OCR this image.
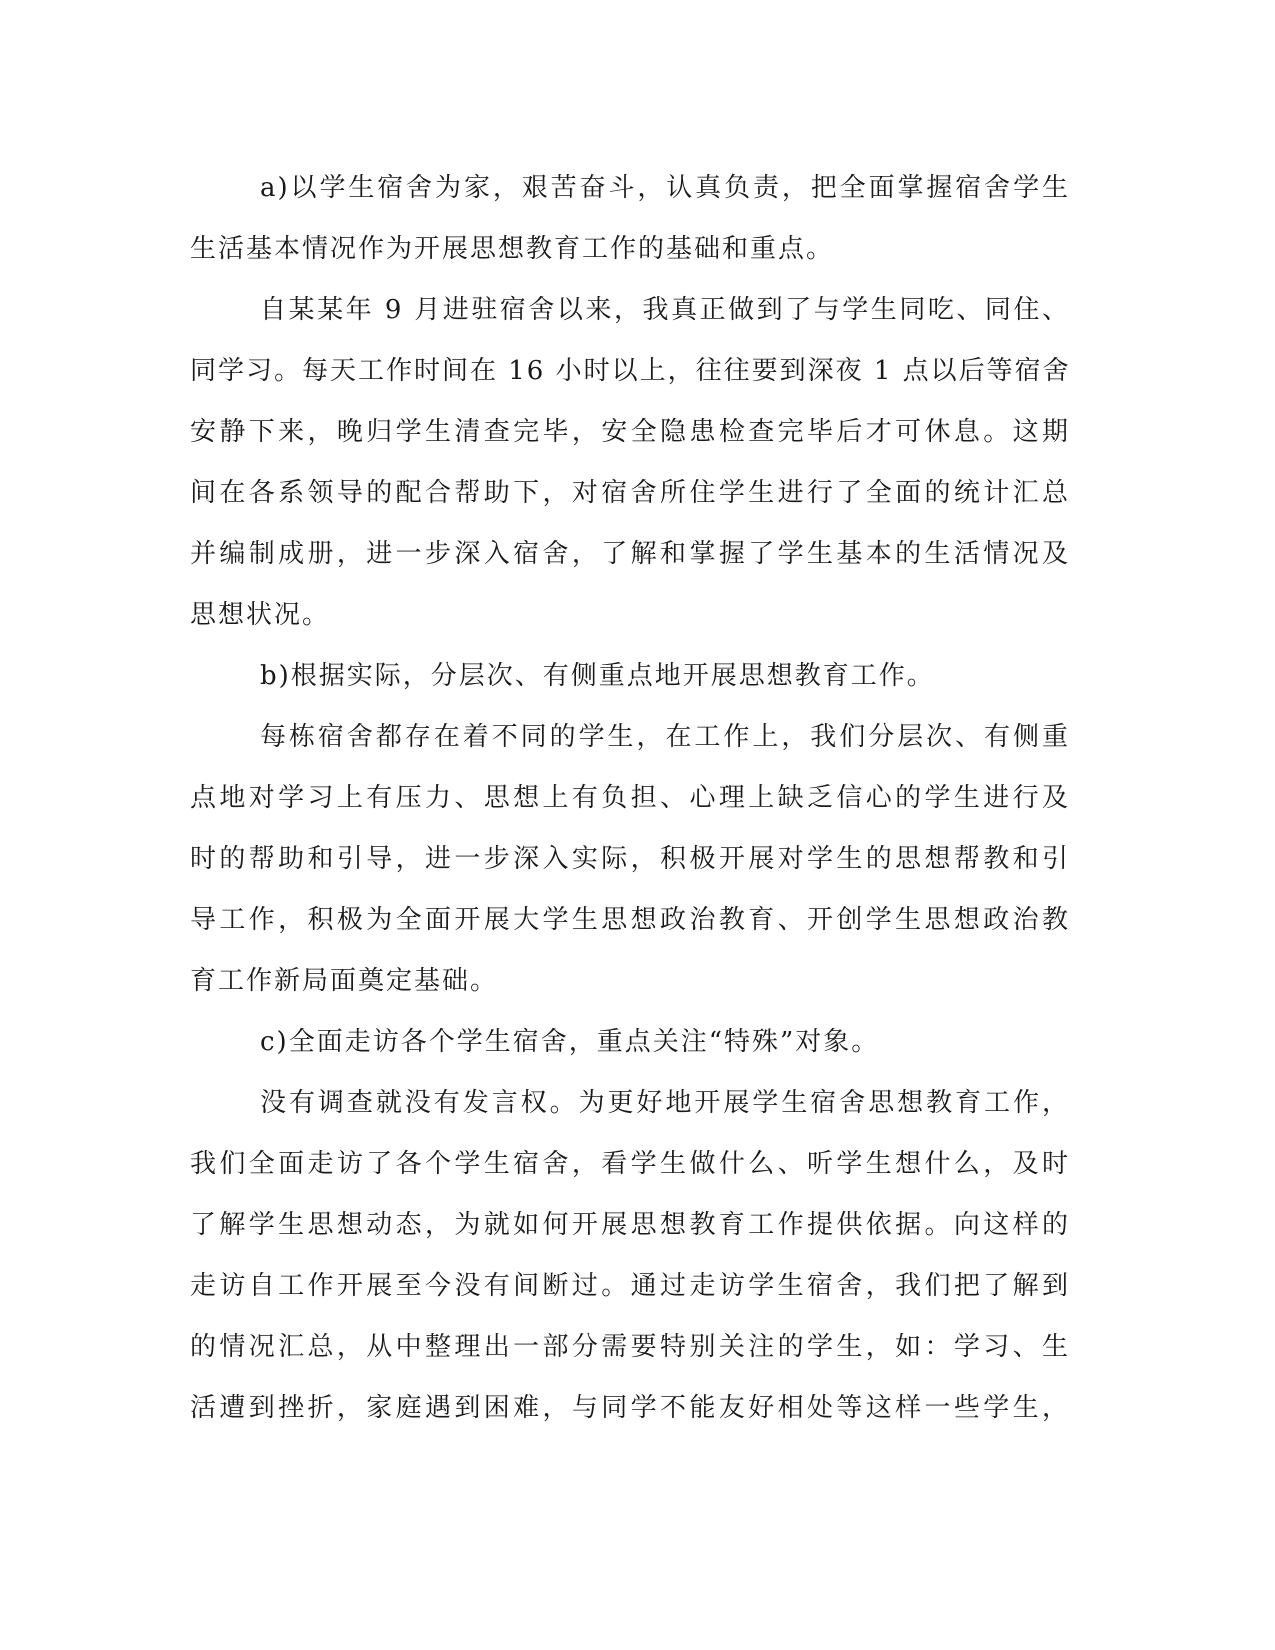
a)以学生宿舍为家，艰苦奋斗，认真负责，把全面掌握宿舍学生
生活基本情况作为开展思想教育工作的基础和重点。
自某某年 9 月进驻宿舍以来，我真正做到了与学生同吃、同住、
同学习。每天工作时间在 16 小时以上，往往要到深夜 1 点以后等宿舍
安静下来，晚归学生清查完毕，安全隐患检查完毕后才可休息。这期
间在各系领导的配合帮助下，对宿舍所住学生进行了全面的统计汇总
并编制成册，进一步深入宿舍，了解和掌握了学生基本的生活情况及
思想状况。
b)根据实际，分层次、有侧重点地开展思想教育工作。
每栋宿舍都存在着不同的学生，在工作上，我们分层次、有侧重
点地对学习上有压力、思想上有负担、心理上缺乏信心的学生进行及
时的帮助和引导，进一步深入实际，积极开展对学生的思想帮教和引
导工作，积极为全面开展大学生思想政治教育、开创学生思想政治教
育工作新局面奠定基础。
c)全面走访各个学生宿舍，重点关注“特殊”对象。
没有调查就没有发言权。为更好地开展学生宿舍思想教育工作，
我们全面走访了各个学生宿舍，看学生做什么、听学生想什么，及时
了解学生思想动态，为就如何开展思想教育工作提供依据。向这样的
走访自工作开展至今没有间断过。通过走访学生宿舍，我们把了解到
的情况汇总，从中整理出一部分需要特别关注的学生，如：学习、生
活遭到挫折，家庭遇到困难，与同学不能友好相处等这样一些学生，
